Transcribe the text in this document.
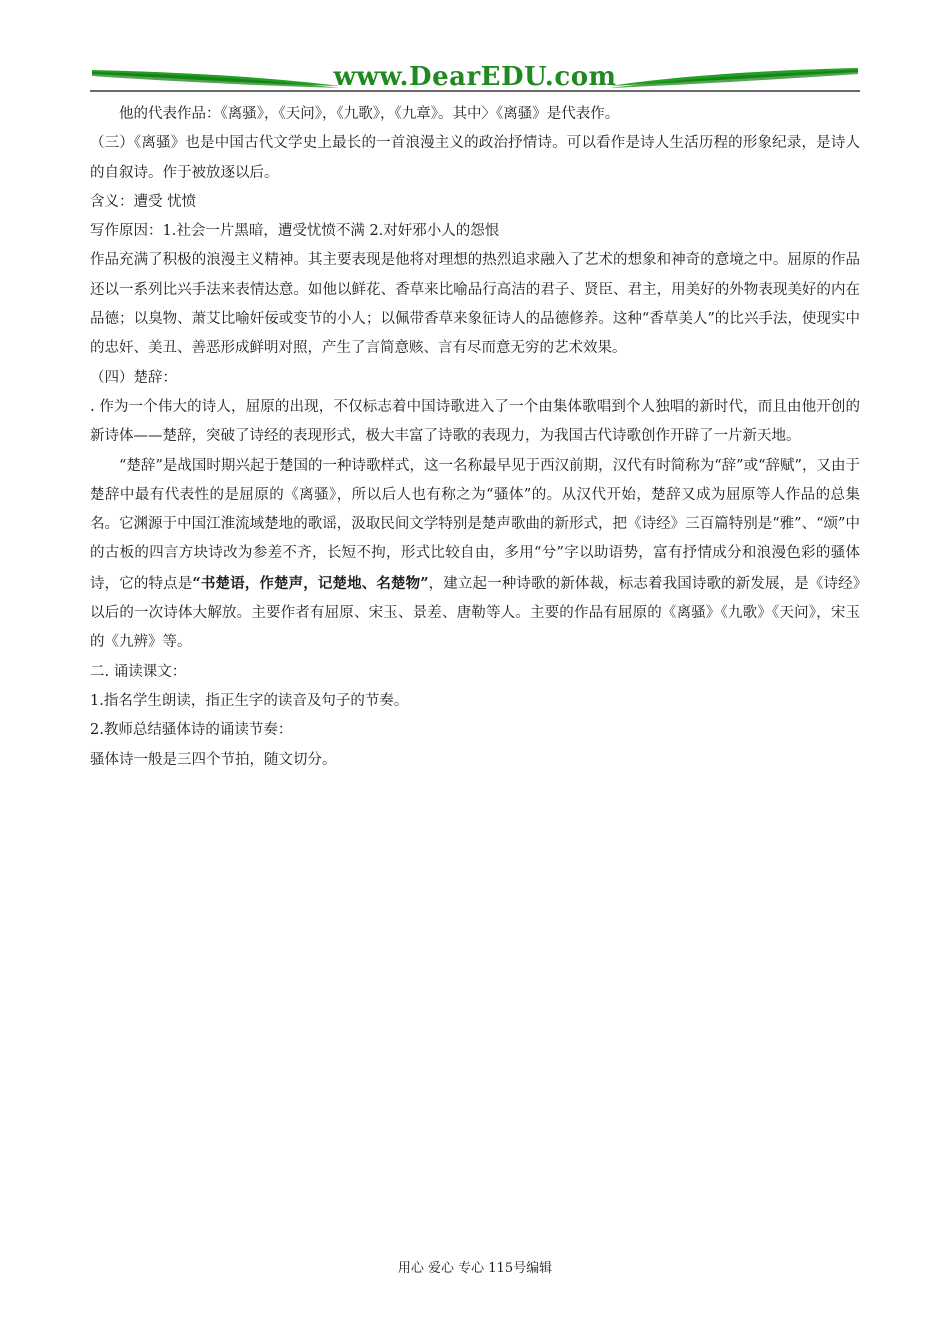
www.DearEDU.com

他的代表作品：《离骚》，《天问》，《九歌》，《九章》。其中〉《离骚》是代表作。

（三）《离骚》也是中国古代文学史上最长的一首浪漫主义的政治抒情诗。可以看作是诗人生活历程的形象纪录，是诗人的自叙诗。作于被放逐以后。

含义：遭受 忧愤

写作原因：1.社会一片黑暗，遭受忧愤不满 2.对奸邪小人的怨恨

作品充满了积极的浪漫主义精神。其主要表现是他将对理想的热烈追求融入了艺术的想象和神奇的意境之中。屈原的作品还以一系列比兴手法来表情达意。如他以鲜花、香草来比喻品行高洁的君子、贤臣、君主，用美好的外物表现美好的内在品德；以臭物、萧艾比喻奸佞或变节的小人；以佩带香草来象征诗人的品德修养。这种“香草美人”的比兴手法，使现实中的忠奸、美丑、善恶形成鲜明对照，产生了言简意赅、言有尽而意无穷的艺术效果。

（四）楚辞：

. 作为一个伟大的诗人，屈原的出现，不仅标志着中国诗歌进入了一个由集体歌唱到个人独唱的新时代，而且由他开创的新诗体——楚辞，突破了诗经的表现形式，极大丰富了诗歌的表现力，为我国古代诗歌创作开辟了一片新天地。

“楚辞”是战国时期兴起于楚国的一种诗歌样式，这一名称最早见于西汉前期，汉代有时简称为“辞”或“辞赋”，又由于楚辞中最有代表性的是屈原的《离骚》，所以后人也有称之为“骚体”的。从汉代开始，楚辞又成为屈原等人作品的总集名。它渊源于中国江淮流域楚地的歌谣，汲取民间文学特别是楚声歌曲的新形式，把《诗经》三百篇特别是“雅”、“颂”中的古板的四言方块诗改为参差不齐，长短不拘，形式比较自由，多用“兮”字以助语势，富有抒情成分和浪漫色彩的骚体诗，它的特点是“书楚语，作楚声，记楚地、名楚物”，建立起一种诗歌的新体裁，标志着我国诗歌的新发展，是《诗经》以后的一次诗体大解放。主要作者有屈原、宋玉、景差、唐勒等人。主要的作品有屈原的《离骚》《九歌》《天问》，宋玉的《九辨》等。

二. 诵读课文：

1.指名学生朗读，指正生字的读音及句子的节奏。

2.教师总结骚体诗的诵读节奏：

骚体诗一般是三四个节拍，随文切分。

用心 爱心 专心 115号编辑
